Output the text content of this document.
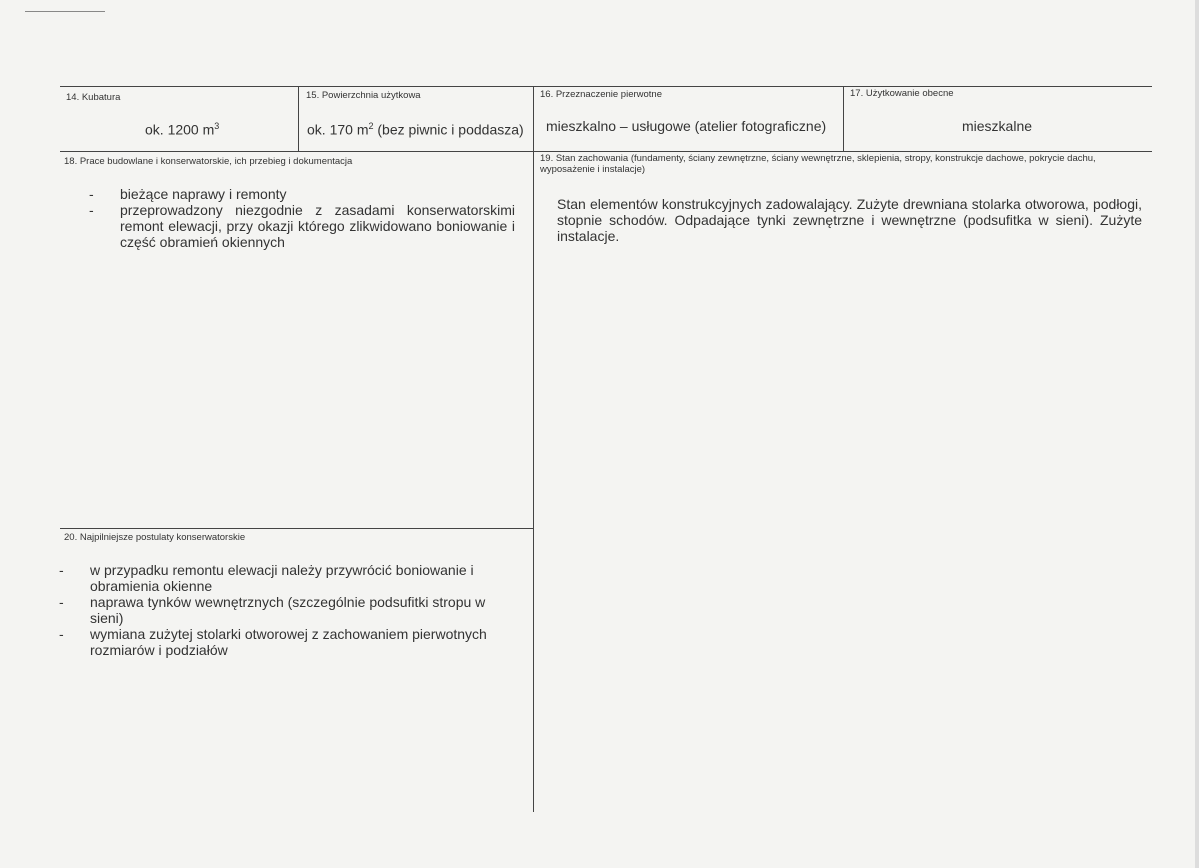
14. Kubatura
ok. 1200 $m^3$
15. Powierzchnia użytkowa
ok. 170 $m^2$ (bez piwnic i poddasza)
16. Przeznaczenie pierwotne
mieszkalno – usługowe (atelier fotograficzne)
17. Użytkowanie obecne
mieszkalne
18. Prace budowlane i konserwatorskie, ich przebieg i dokumentacja
- bieżące naprawy i remonty
- przeprowadzony niezgodnie z zasadami konserwatorskimi remont elewacji, przy okazji którego zlikwidowano boniowanie i część obramień okiennych
19. Stan zachowania (fundamenty, ściany zewnętrzne, ściany wewnętrzne, sklepienia, stropy, konstrukcje dachowe, pokrycie dachu, wyposażenie i instalacje)
Stan elementów konstrukcyjnych zadowalający. Zużyte drewniana stolarka otworowa, podłogi, stopnie schodów. Odpadające tynki zewnętrzne i wewnętrzne (podsufitka w sieni). Zużyte instalacje.
20. Najpilniejsze postulaty konserwatorskie
- w przypadku remontu elewacji należy przywrócić boniowanie i obramienia okienne
- naprawa tynków wewnętrznych (szczególnie podsufitki stropu w sieni)
- wymiana zużytej stolarki otworowej z zachowaniem pierwotnych rozmiarów i podziałów
